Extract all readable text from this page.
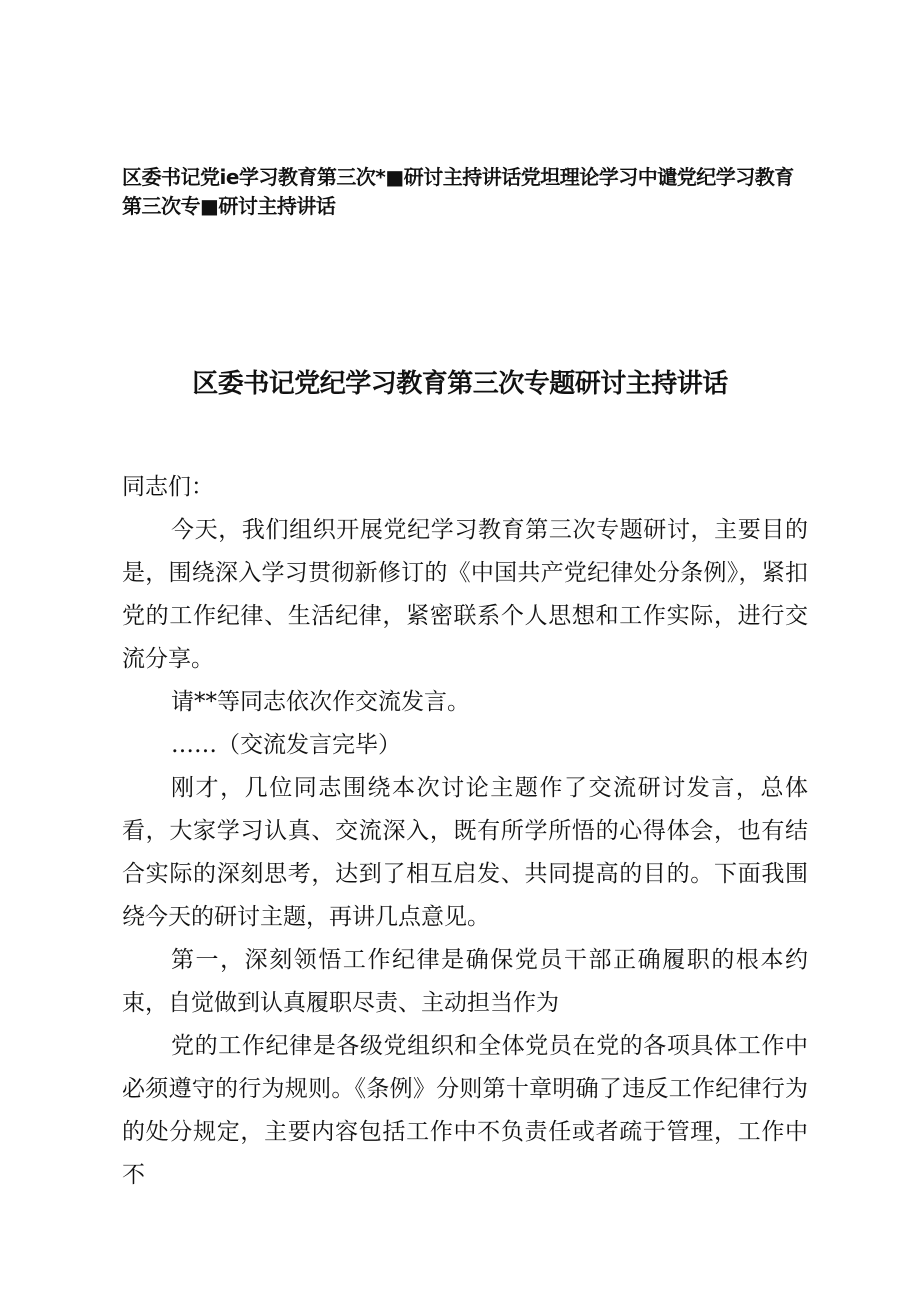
区委书记党ie学习教育第三次*■研讨主持讲话党坦理论学习中谴党纪学习教育第三次专■研讨主持讲话

区委书记党纪学习教育第三次专题研讨主持讲话

同志们：

今天，我们组织开展党纪学习教育第三次专题研讨，主要目的是，围绕深入学习贯彻新修订的《中国共产党纪律处分条例》，紧扣党的工作纪律、生活纪律，紧密联系个人思想和工作实际，进行交流分享。

请**等同志依次作交流发言。

……（交流发言完毕）

刚才，几位同志围绕本次讨论主题作了交流研讨发言，总体看，大家学习认真、交流深入，既有所学所悟的心得体会，也有结合实际的深刻思考，达到了相互启发、共同提高的目的。下面我围绕今天的研讨主题，再讲几点意见。

第一，深刻领悟工作纪律是确保党员干部正确履职的根本约束，自觉做到认真履职尽责、主动担当作为

党的工作纪律是各级党组织和全体党员在党的各项具体工作中必须遵守的行为规则。《条例》分则第十章明确了违反工作纪律行为的处分规定，主要内容包括工作中不负责任或者疏于管理，工作中不
